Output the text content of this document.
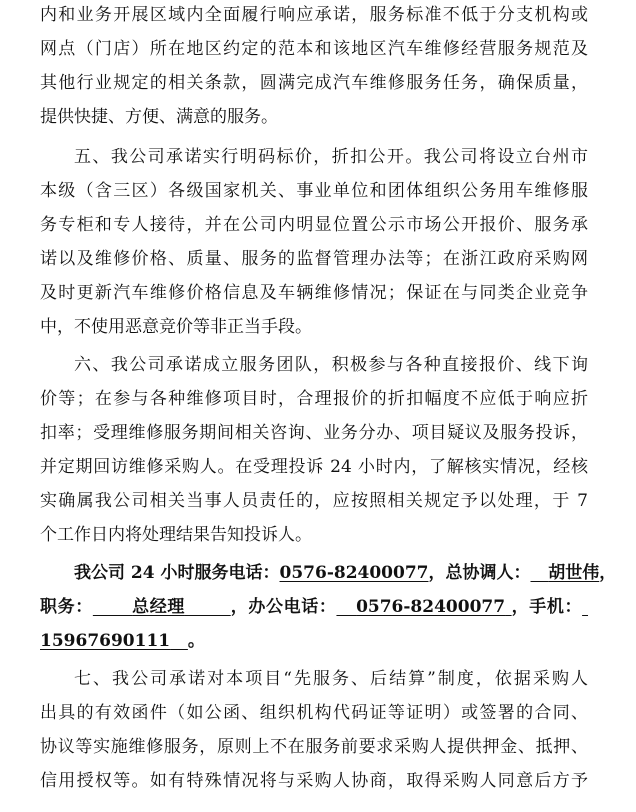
内和业务开展区域内全面履行响应承诺，服务标准不低于分支机构或
网点（门店）所在地区约定的范本和该地区汽车维修经营服务规范及
其他行业规定的相关条款，圆满完成汽车维修服务任务，确保质量，
提供快捷、方便、满意的服务。
五、我公司承诺实行明码标价，折扣公开。我公司将设立台州市
本级（含三区）各级国家机关、事业单位和团体组织公务用车维修服
务专柜和专人接待，并在公司内明显位置公示市场公开报价、服务承
诺以及维修价格、质量、服务的监督管理办法等；在浙江政府采购网
及时更新汽车维修价格信息及车辆维修情况；保证在与同类企业竞争
中，不使用恶意竞价等非正当手段。
六、我公司承诺成立服务团队，积极参与各种直接报价、线下询
价等；在参与各种维修项目时，合理报价的折扣幅度不应低于响应折
扣率；受理维修服务期间相关咨询、业务分办、项目疑议及服务投诉，
并定期回访维修采购人。在受理投诉 24 小时内，了解核实情况，经核
实确属我公司相关当事人员责任的，应按照相关规定予以处理，于 7
个工作日内将处理结果告知投诉人。
我公司 24 小时服务电话：0576-82400077，总协调人： 胡世伟，
职务： 总经理	，办公电话： 0576-82400077 ，手机：
15967690111 。
七、我公司承诺对本项目“先服务、后结算”制度，依据采购人
出具的有效函件（如公函、组织机构代码证等证明）或签署的合同、
协议等实施维修服务，原则上不在服务前要求采购人提供押金、抵押、
信用授权等。如有特殊情况将与采购人协商，取得采购人同意后方予
